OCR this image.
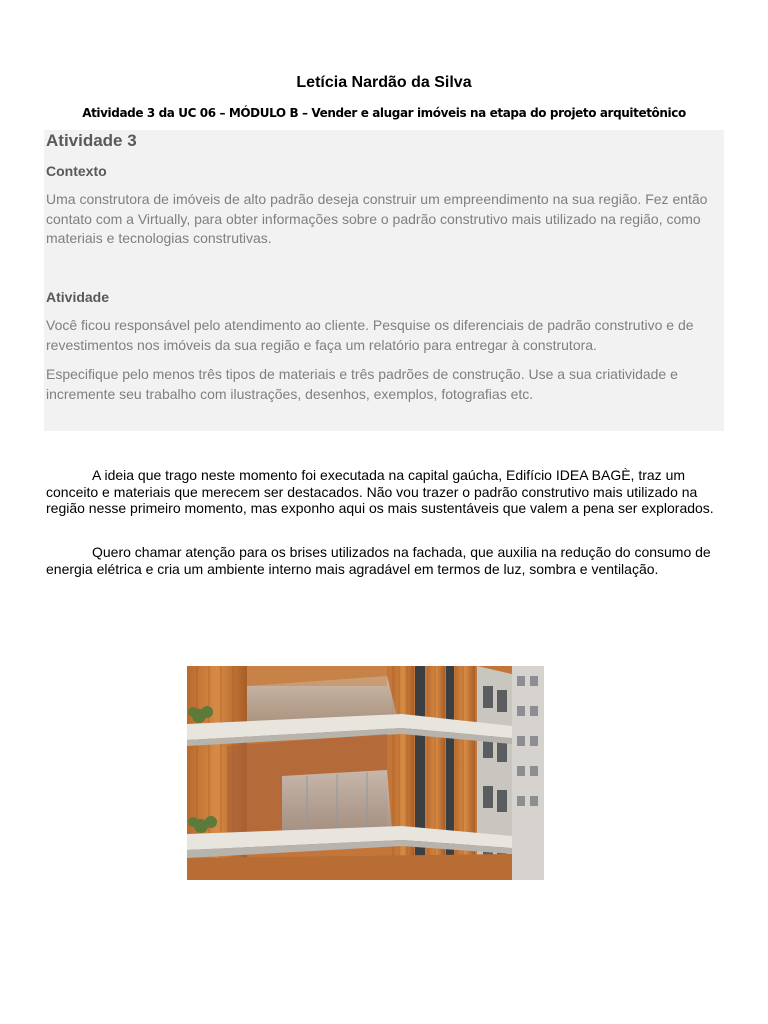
Letícia Nardão da Silva
Atividade 3 da UC 06 – MÓDULO B – Vender e alugar imóveis na etapa do projeto arquitetônico
Atividade 3
Contexto

Uma construtora de imóveis de alto padrão deseja construir um empreendimento na sua região. Fez então contato com a Virtually, para obter informações sobre o padrão construtivo mais utilizado na região, como materiais e tecnologias construtivas.

Atividade

Você ficou responsável pelo atendimento ao cliente. Pesquise os diferenciais de padrão construtivo e de revestimentos nos imóveis da sua região e faça um relatório para entregar à construtora.

Especifique pelo menos três tipos de materiais e três padrões de construção. Use a sua criatividade e incremente seu trabalho com ilustrações, desenhos, exemplos, fotografias etc.

A ideia que trago neste momento foi executada na capital gaúcha, Edifício IDEA BAGÈ, traz um conceito e materiais que merecem ser destacados. Não vou trazer o padrão construtivo mais utilizado na região nesse primeiro momento, mas exponho aqui os mais sustentáveis que valem a pena ser explorados.

Quero chamar atenção para os brises utilizados na fachada, que auxilia na redução do consumo de energia elétrica e cria um ambiente interno mais agradável em termos de luz, sombra e ventilação.
